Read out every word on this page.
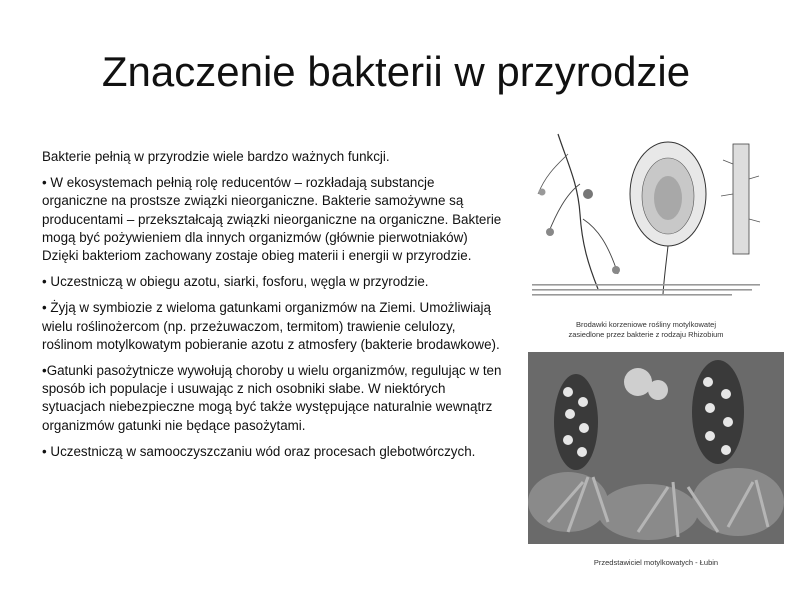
Znaczenie bakterii w przyrodzie

Bakterie pełnią w przyrodzie wiele bardzo ważnych funkcji.

• W ekosystemach pełnią rolę reducentów – rozkładają substancje organiczne na prostsze związki nieorganiczne. Bakterie samożywne są producentami – przekształcają związki nieorganiczne na organiczne. Bakterie mogą być pożywieniem dla innych organizmów (głównie pierwotniaków) Dzięki bakteriom zachowany zostaje obieg materii i energii w przyrodzie.

• Uczestniczą w obiegu azotu, siarki, fosforu, węgla w przyrodzie.

• Żyją w symbiozie z wieloma gatunkami organizmów na Ziemi. Umożliwiają wielu roślinożercom (np. przeżuwaczom, termitom) trawienie celulozy, roślinom motylkowatym pobieranie azotu z atmosfery (bakterie brodawkowe).

•Gatunki pasożytnicze wywołują choroby u wielu organizmów, regulując w ten sposób ich populacje i usuwając z nich osobniki słabe. W niektórych sytuacjach niebezpieczne mogą być także występujące naturalnie wewnątrz organizmów gatunki nie będące pasożytami.

• Uczestniczą w samooczyszczaniu wód oraz procesach glebotwórczych.

Brodawki korzeniowe rośliny motylkowatej
zasiedlone przez bakterie z rodzaju Rhizobium
Przedstawiciel motylkowatych - Łubin
